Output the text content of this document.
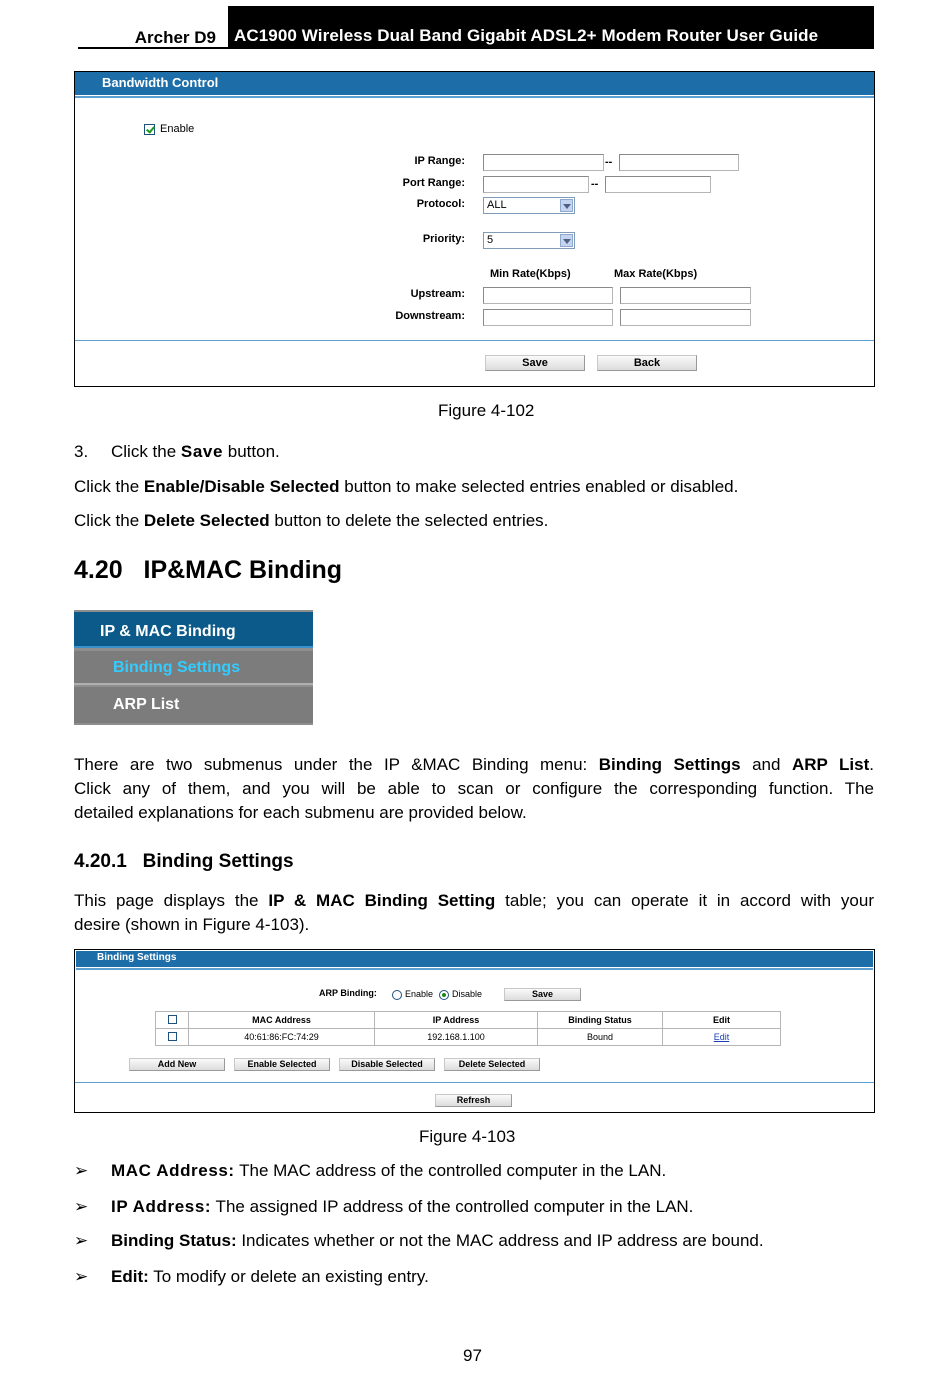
Archer D9 AC1900 Wireless Dual Band Gigabit ADSL2+ Modem Router User Guide
Bandwidth Control
Enable
IP Range:	--
Port Range:	--
Protocol:	ALL
Priority:	5
Min Rate(Kbps)	Max Rate(Kbps)
Upstream:
Downstream:
Save	Back
Figure 4-102
3. Click the Save button.
Click the Enable/Disable Selected button to make selected entries enabled or disabled.
Click the Delete Selected button to delete the selected entries.
4.20   IP&MAC Binding
IP & MAC Binding
Binding Settings
ARP List
There are two submenus under the IP &MAC Binding menu: Binding Settings and ARP List.
Click any of them, and you will be able to scan or configure the corresponding function. The
detailed explanations for each submenu are provided below.
4.20.1   Binding Settings
This page displays the IP & MAC Binding Setting table; you can operate it in accord with your
desire (shown in Figure 4-103).
Binding Settings
ARP Binding:	Enable Disable	Save
Add New	Enable Selected	Disable Selected	Delete Selected
Refresh
	MAC Address	IP Address	Binding Status	Edit
	40:61:86:FC:74:29	192.168.1.100	Bound	Edit
Figure 4-103
➢ MAC Address: The MAC address of the controlled computer in the LAN.
➢ IP Address: The assigned IP address of the controlled computer in the LAN.
➢ Binding Status: Indicates whether or not the MAC address and IP address are bound.
➢ Edit: To modify or delete an existing entry.
97
